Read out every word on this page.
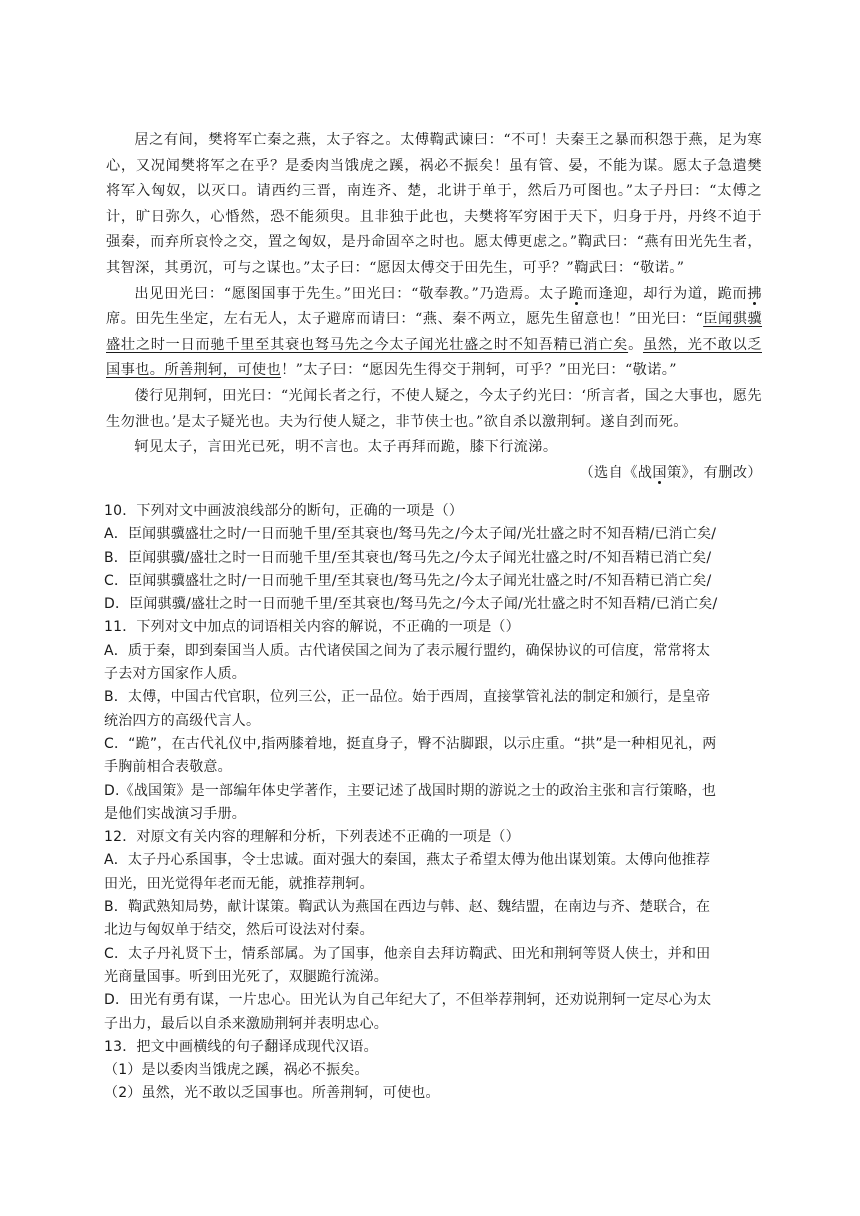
居之有间，樊将军亡秦之燕，太子容之。太傅鞫武谏曰：“不可！夫秦王之暴而积怨于燕，足为寒心，又况闻樊将军之在乎？是委肉当饿虎之蹊，祸必不振矣！虽有管、晏，不能为谋。愿太子急遣樊将军入匈奴，以灭口。请西约三晋，南连齐、楚，北讲于单于，然后乃可图也。”太子丹曰：“太傅之计，旷日弥久，心惛然，恐不能须臾。且非独于此也，夫樊将军穷困于天下，归身于丹，丹终不迫于强秦，而弃所哀怜之交，置之匈奴，是丹命固卒之时也。愿太傅更虑之。”鞫武曰：“燕有田光先生者，其智深，其勇沉，可与之谋也。”太子曰：“愿因太傅交于田先生，可乎？”鞫武曰：“敬诺。”

出见田光曰：“愿图国事于先生。”田光曰：“敬奉教。”乃造焉。太子跪而逢迎，却行为道，跪而拂席。田先生坐定，左右无人，太子避席而请曰：“燕、秦不两立，愿先生留意也！”田光曰：“臣闻骐骥盛壮之时一日而驰千里至其衰也驽马先之今太子闻光壮盛之时不知吾精已消亡矣。虽然，光不敢以乏国事也。所善荆轲，可使也！”太子曰：“愿因先生得交于荆轲，可乎？”田光曰：“敬诺。”

偻行见荆轲，田光曰：“光闻长者之行，不使人疑之，今太子约光曰：‘所言者，国之大事也，愿先生勿泄也。’是太子疑光也。夫为行使人疑之，非节侠士也。”欲自杀以激荆轲。遂自刭而死。

轲见太子，言田光已死，明不言也。太子再拜而跪，膝下行流涕。

（选自《战国策》，有删改）

10．下列对文中画波浪线部分的断句，正确的一项是（）

A．臣闻骐骥盛壮之时/一日而驰千里/至其衰也/驽马先之/今太子闻/光壮盛之时不知吾精/已消亡矣/

B．臣闻骐骥/盛壮之时一日而驰千里/至其衰也/驽马先之/今太子闻光壮盛之时/不知吾精已消亡矣/

C．臣闻骐骥盛壮之时/一日而驰千里/至其衰也/驽马先之/今太子闻光壮盛之时/不知吾精已消亡矣/

D．臣闻骐骥/盛壮之时一日而驰千里/至其衰也/驽马先之/今太子闻/光壮盛之时不知吾精/已消亡矣/

11．下列对文中加点的词语相关内容的解说，不正确的一项是（）

A．质于秦，即到秦国当人质。古代诸侯国之间为了表示履行盟约，确保协议的可信度，常常将太

子去对方国家作人质。

B．太傅，中国古代官职，位列三公，正一品位。始于西周，直接掌管礼法的制定和颁行，是皇帝

统治四方的高级代言人。

C．“跪”，在古代礼仪中,指两膝着地，挺直身子，臀不沾脚跟，以示庄重。“拱”是一种相见礼，两

手胸前相合表敬意。

D.《战国策》是一部编年体史学著作，主要记述了战国时期的游说之士的政治主张和言行策略，也

是他们实战演习手册。

12．对原文有关内容的理解和分析，下列表述不正确的一项是（）

A．太子丹心系国事，令士忠诚。面对强大的秦国，燕太子希望太傅为他出谋划策。太傅向他推荐

田光，田光觉得年老而无能，就推荐荆轲。

B．鞫武熟知局势，献计谋策。鞫武认为燕国在西边与韩、赵、魏结盟，在南边与齐、楚联合，在

北边与匈奴单于结交，然后可设法对付秦。

C．太子丹礼贤下士，情系部属。为了国事，他亲自去拜访鞫武、田光和荆轲等贤人侠士，并和田

光商量国事。听到田光死了，双腿跪行流涕。

D．田光有勇有谋，一片忠心。田光认为自己年纪大了，不但举荐荆轲，还劝说荆轲一定尽心为太

子出力，最后以自杀来激励荆轲并表明忠心。

13．把文中画横线的句子翻译成现代汉语。

（1）是以委肉当饿虎之蹊，祸必不振矣。

（2）虽然，光不敢以乏国事也。所善荆轲，可使也。
